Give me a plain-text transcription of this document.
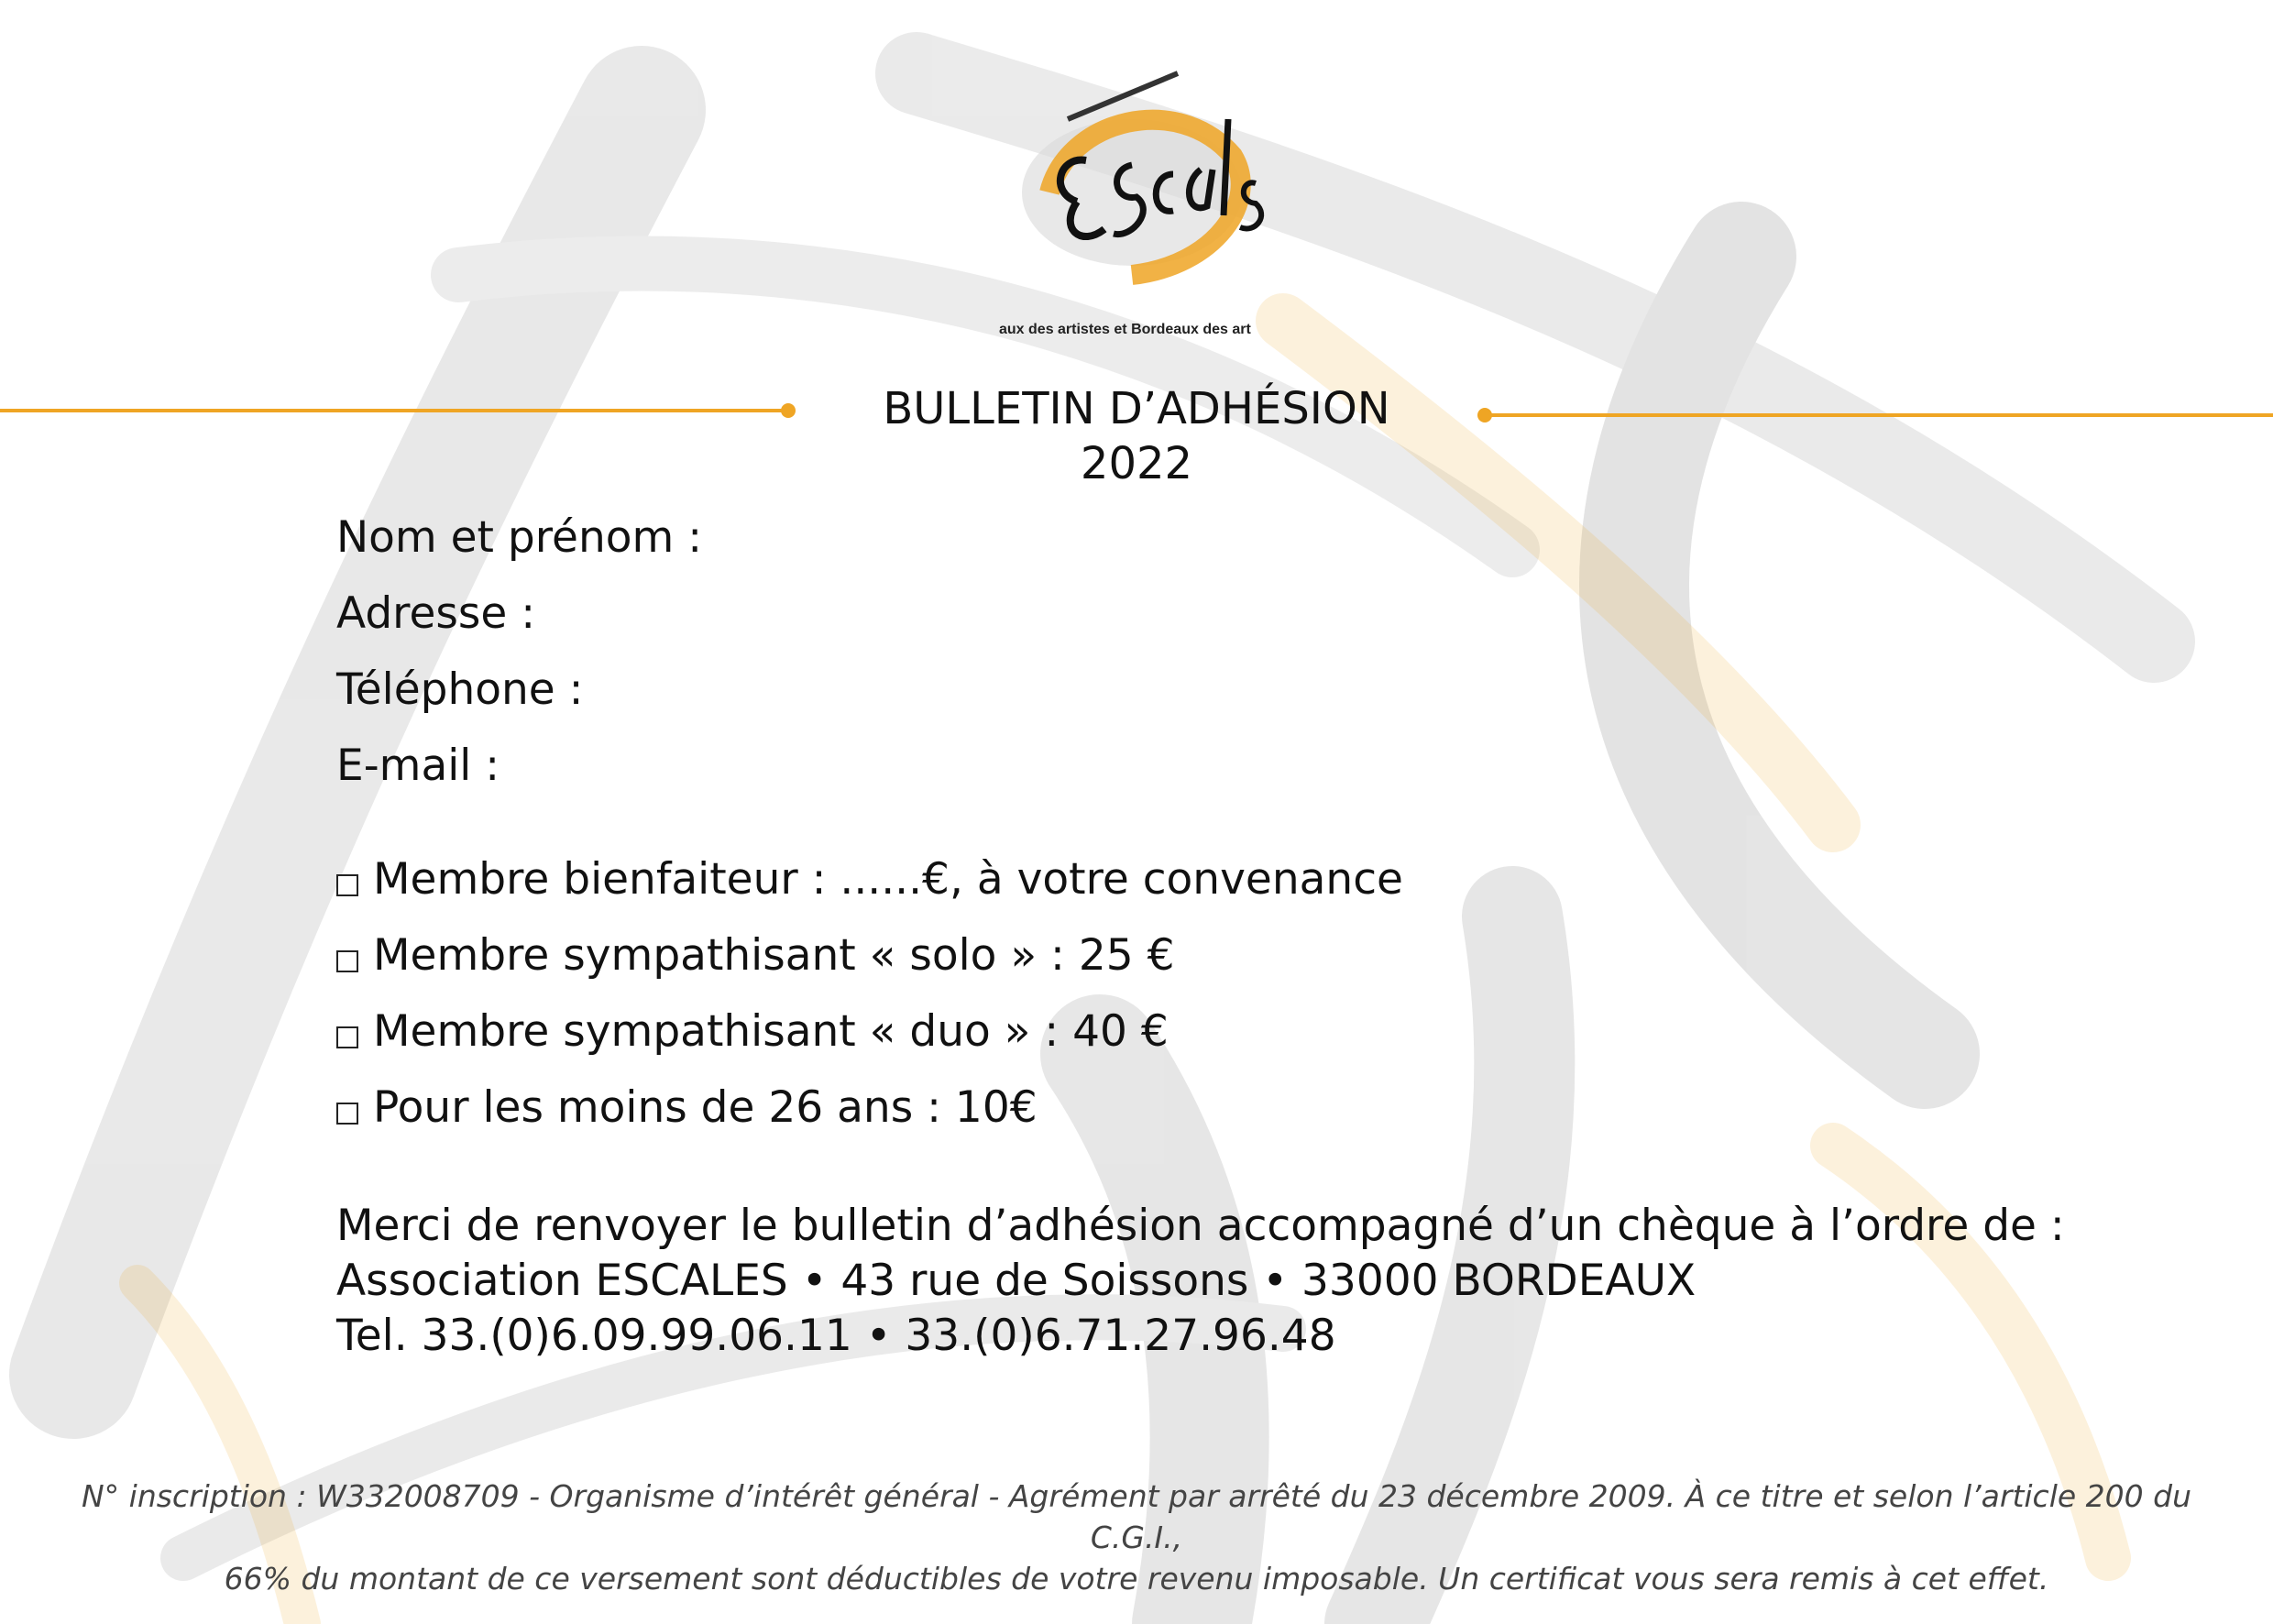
aux des artistes et Bordeaux des art
BULLETIN D’ADHÉSION
2022
Nom et prénom :
Adresse :
Téléphone :
E-mail :
Membre bienfaiteur : ......€, à votre convenance
Membre sympathisant « solo » : 25 €
Membre sympathisant « duo » : 40 €
Pour les moins de 26 ans : 10€
Merci de renvoyer le bulletin d’adhésion accompagné d’un chèque à l’ordre de :
Association ESCALES • 43 rue de Soissons • 33000 BORDEAUX
Tel. 33.(0)6.09.99.06.11 • 33.(0)6.71.27.96.48
N° inscription : W332008709 - Organisme d’intérêt général - Agrément par arrêté du 23 décembre 2009. À ce titre et selon l’article 200 du C.G.I.,
66% du montant de ce versement sont déductibles de votre revenu imposable. Un certificat vous sera remis à cet effet.
